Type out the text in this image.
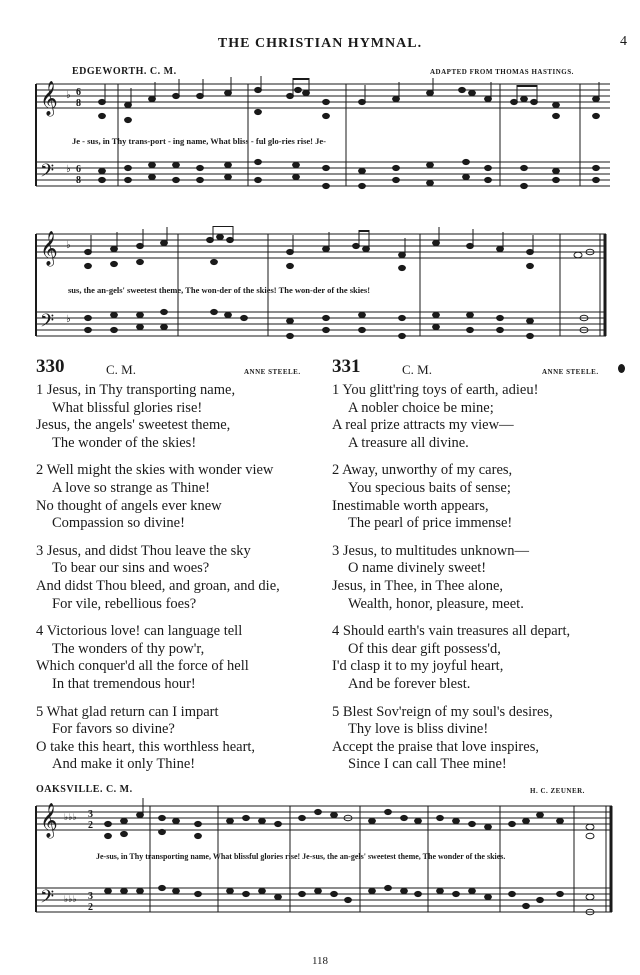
THE CHRISTIAN HYMNAL.	4
EDGEWORTH. C. M.	ADAPTED FROM THOMAS HASTINGS.
𝄞
𝄢
♭
♭
6
8
6
8
Je - sus, in Thy trans-port - ing name, What bliss - ful glo-ries rise! Je-
𝄞
𝄢
♭
♭
sus, the an-gels' sweetest theme, The won-der of the skies! The won-der of the skies!
330	C. M.	ANNE STEELE. 331	C. M.	ANNE STEELE.
1 Jesus, in Thy transporting name,
What blissful glories rise!
Jesus, the angels' sweetest theme,
The wonder of the skies!
2 Well might the skies with wonder view
A love so strange as Thine!
No thought of angels ever knew
Compassion so divine!
3 Jesus, and didst Thou leave the sky
To bear our sins and woes?
And didst Thou bleed, and groan, and die,
For vile, rebellious foes?
4 Victorious love! can language tell
The wonders of thy pow'r,
Which conquer'd all the force of hell
In that tremendous hour!
5 What glad return can I impart
For favors so divine?
O take this heart, this worthless heart,
And make it only Thine!
1 You glitt'ring toys of earth, adieu!
A nobler choice be mine;
A real prize attracts my view—
A treasure all divine.
2 Away, unworthy of my cares,
You specious baits of sense;
Inestimable worth appears,
The pearl of price immense!
3 Jesus, to multitudes unknown—
O name divinely sweet!
Jesus, in Thee, in Thee alone,
Wealth, honor, pleasure, meet.
4 Should earth's vain treasures all depart,
Of this dear gift possess'd,
I'd clasp it to my joyful heart,
And be forever blest.
5 Blest Sov'reign of my soul's desires,
Thy love is bliss divine!
Accept the praise that love inspires,
Since I can call Thee mine!
OAKSVILLE. C. M.	H. C. ZEUNER.
𝄞
𝄢
♭♭♭
♭♭♭
3
2
3
2
Je-sus, in Thy transporting name, What blissful glories rise! Je-sus, the an-gels' sweetest theme, The wonder of the skies.
118
